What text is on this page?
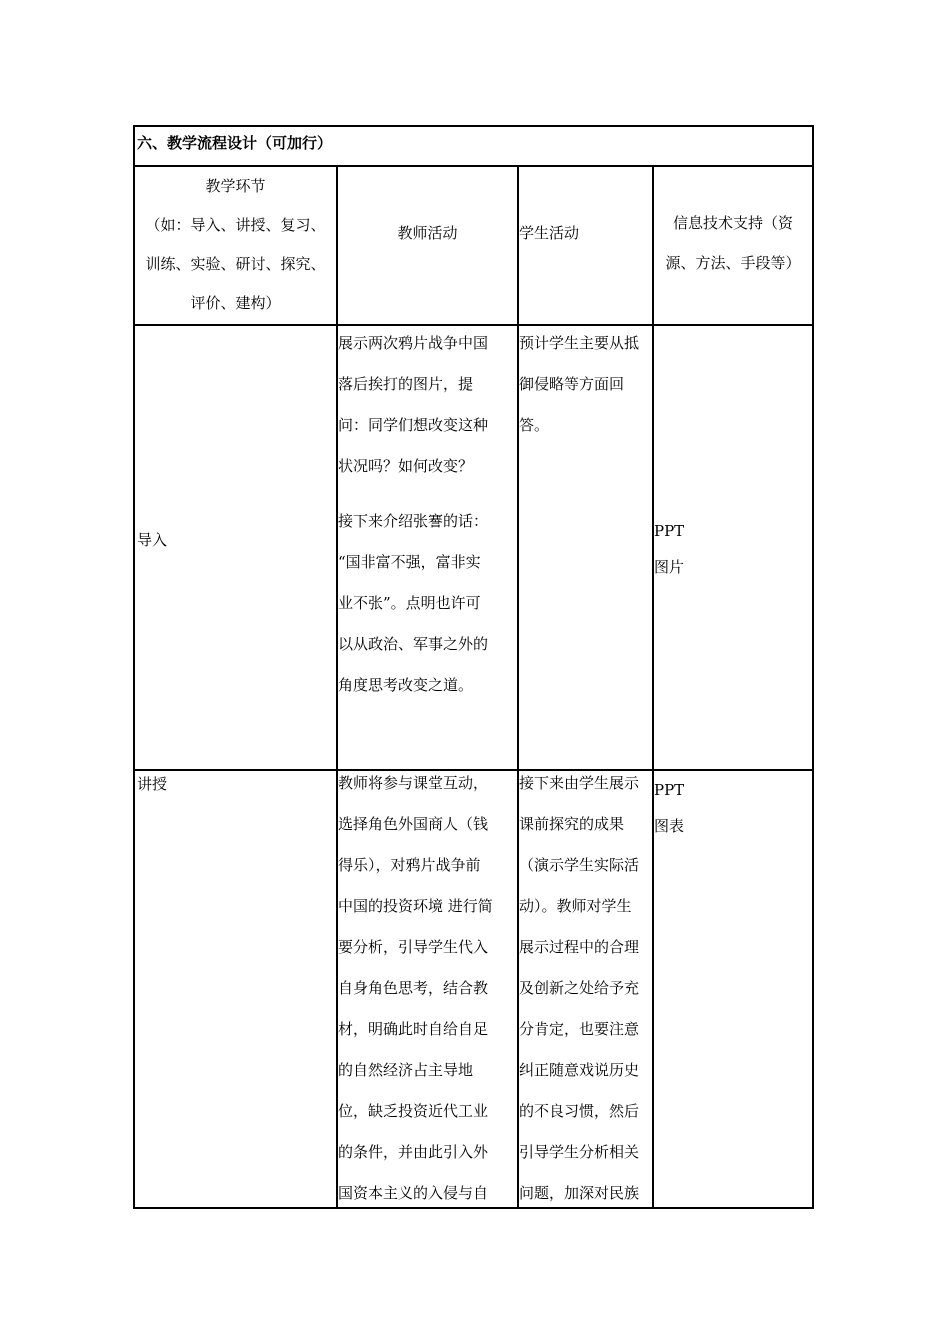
六、教学流程设计（可加行）
教学环节
（如：导入、讲授、复习、
训练、实验、研讨、探究、
评价、建构）
教师活动	学生活动
信息技术支持（资
源、方法、手段等）
导入
展示两次鸦片战争中国
落后挨打的图片，提
问：同学们想改变这种
状况吗？如何改变？
接下来介绍张謇的话：
“国非富不强，富非实
业不张”。点明也许可
以从政治、军事之外的
角度思考改变之道。
预计学生主要从抵
御侵略等方面回
答。
PPT
图片
讲授	教师将参与课堂互动，
选择角色外国商人（钱
得乐），对鸦片战争前
中国的投资环境 进行简
要分析，引导学生代入
自身角色思考，结合教
材，明确此时自给自足
的自然经济占主导地
位，缺乏投资近代工业
的条件，并由此引入外
国资本主义的入侵与自
接下来由学生展示
课前探究的成果
（演示学生实际活
动）。教师对学生
展示过程中的合理
及创新之处给予充
分肯定，也要注意
纠正随意戏说历史
的不良习惯，然后
引导学生分析相关
问题，加深对民族
PPT
图表
